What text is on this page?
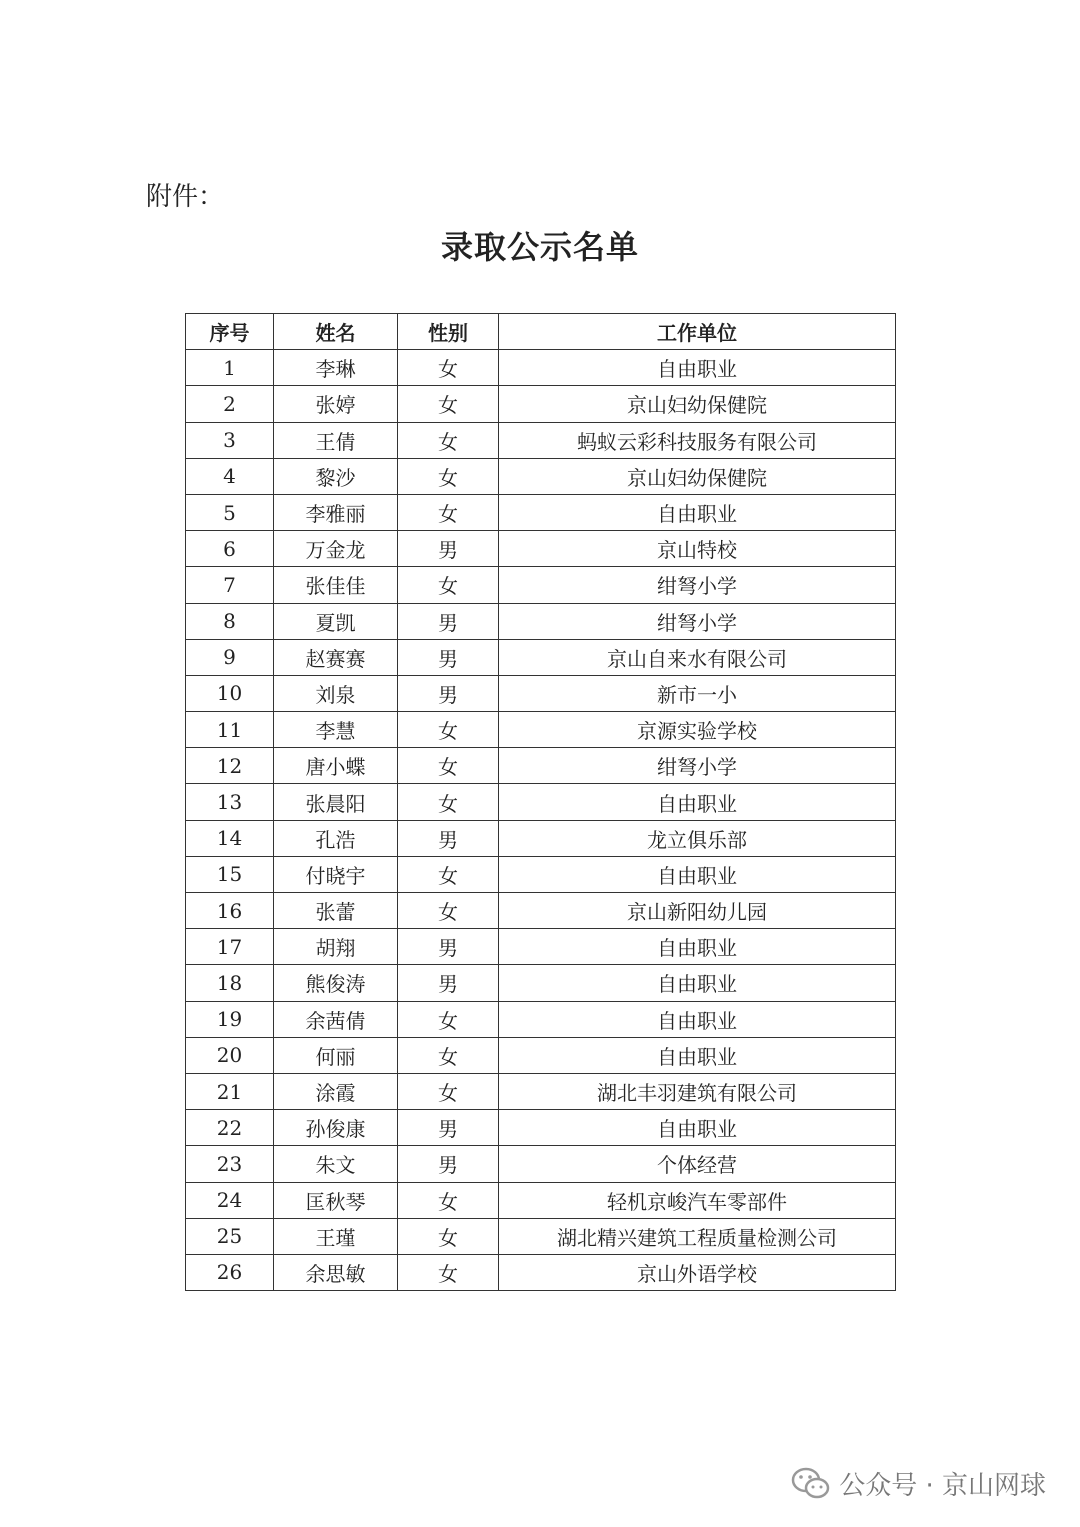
附件：
录取公示名单
序号	姓名	性别	工作单位
1	李琳	女	自由职业
2	张婷	女	京山妇幼保健院
3	王倩	女	蚂蚁云彩科技服务有限公司
4	黎沙	女	京山妇幼保健院
5	李雅丽	女	自由职业
6	万金龙	男	京山特校
7	张佳佳	女	绀弩小学
8	夏凯	男	绀弩小学
9	赵赛赛	男	京山自来水有限公司
10	刘泉	男	新市一小
11	李慧	女	京源实验学校
12	唐小蝶	女	绀弩小学
13	张晨阳	女	自由职业
14	孔浩	男	龙立俱乐部
15	付晓宇	女	自由职业
16	张蕾	女	京山新阳幼儿园
17	胡翔	男	自由职业
18	熊俊涛	男	自由职业
19	余茜倩	女	自由职业
20	何丽	女	自由职业
21	涂霞	女	湖北丰羽建筑有限公司
22	孙俊康	男	自由职业
23	朱文	男	个体经营
24	匡秋琴	女	轻机京峻汽车零部件
25	王瑾	女	湖北精兴建筑工程质量检测公司
26	余思敏	女	京山外语学校
公众号 · 京山网球
